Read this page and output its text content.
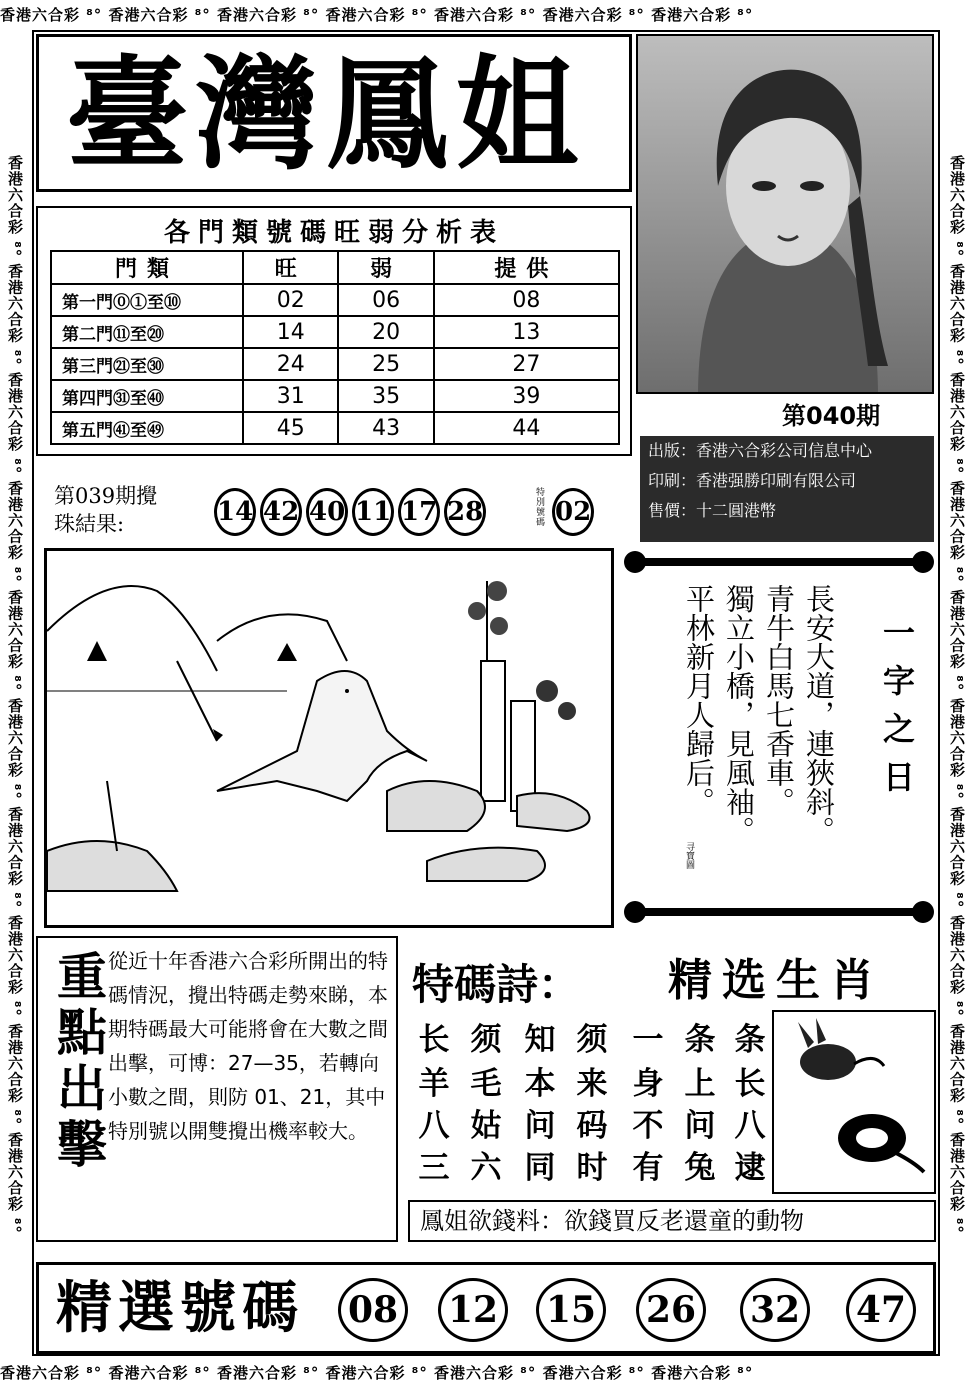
香港六合彩 ⁸° 香港六合彩 ⁸° 香港六合彩 ⁸° 香港六合彩 ⁸° 香港六合彩 ⁸° 香港六合彩 ⁸° 香港六合彩 ⁸°
香港六合彩 ⁸° 香港六合彩 ⁸° 香港六合彩 ⁸° 香港六合彩 ⁸° 香港六合彩 ⁸° 香港六合彩 ⁸° 香港六合彩 ⁸°
香港六合彩 ⁸° 香港六合彩 ⁸° 香港六合彩 ⁸° 香港六合彩 ⁸° 香港六合彩 ⁸° 香港六合彩 ⁸° 香港六合彩 ⁸° 香港六合彩 ⁸° 香港六合彩 ⁸° 香港六合彩 ⁸°	香港六合彩 ⁸° 香港六合彩 ⁸° 香港六合彩 ⁸° 香港六合彩 ⁸° 香港六合彩 ⁸° 香港六合彩 ⁸° 香港六合彩 ⁸° 香港六合彩 ⁸° 香港六合彩 ⁸° 香港六合彩 ⁸°
臺灣鳳姐
第040期
出版：香港六合彩公司信息中心
印刷：香港强勝印刷有限公司
售價：十二圓港幣
各門類號碼旺弱分析表
門類	旺	弱	提供
第一門⓪①至⑩	02	06	08
第二門⑪至⑳	14	20	13
第三門㉑至㉚	24	25	27
第四門㉛至㊵	31	35	39
第五門㊶至㊾	45	43	44
第039期攪
珠結果:	14 42 40 11 17 28
特別號碼 02
一字之日
長安大道，連狹斜。
青牛白馬七香車。
獨立小橋，見風袖。
平林新月人歸后。
寻寶圖
重點出擊 從近十年香港六合彩所開出的特碼情況，攪出特碼走勢來睇，本期特碼最大可能將會在大數之間出擊，可博：27—35，若轉向小數之間，則防 01、21，其中特別號以開雙攪出機率較大。
特碼詩： 精选生肖
长 须 知 须 一 条 条
羊 毛 本 来 身 上 长
八 姑 问 码 不 问 八
三 六 同 时 有 兔 逮
鳳姐欲錢料：欲錢買反老還童的動物
精選號碼 08 12 15 26 32 47
